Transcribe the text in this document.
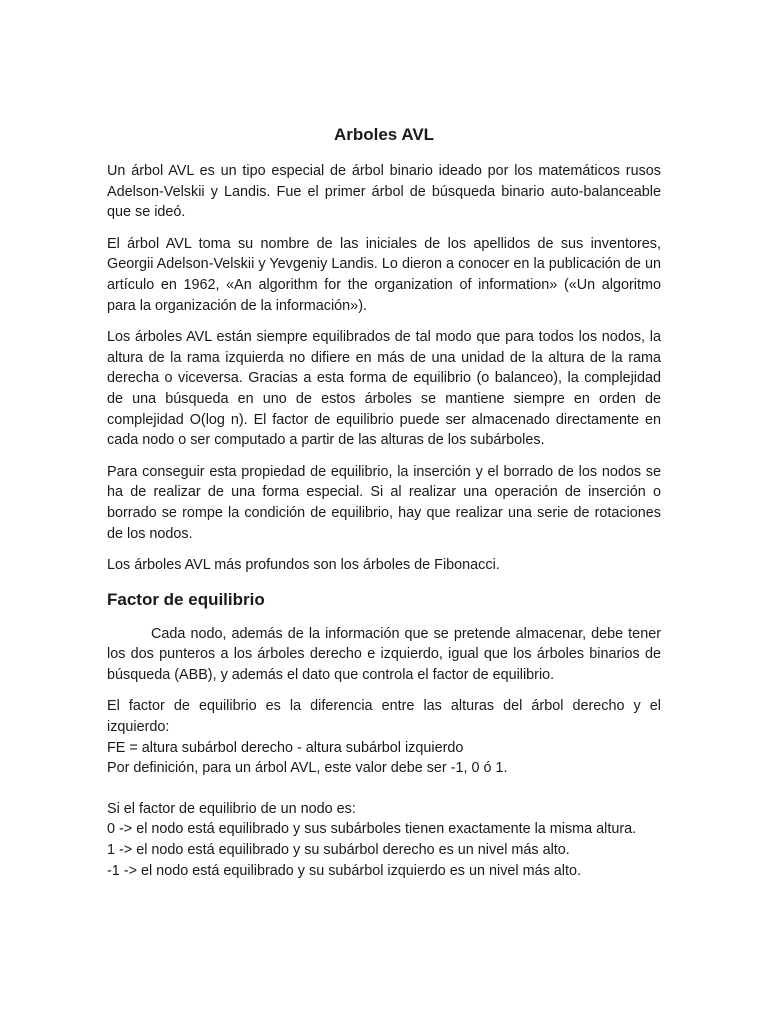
Arboles AVL

Un árbol AVL es un tipo especial de árbol binario ideado por los matemáticos rusos Adelson-Velskii y Landis. Fue el primer árbol de búsqueda binario auto-balanceable que se ideó.

El árbol AVL toma su nombre de las iniciales de los apellidos de sus inventores, Georgii Adelson-Velskii y Yevgeniy Landis. Lo dieron a conocer en la publicación de un artículo en 1962, «An algorithm for the organization of information» («Un algoritmo para la organización de la información»).

Los árboles AVL están siempre equilibrados de tal modo que para todos los nodos, la altura de la rama izquierda no difiere en más de una unidad de la altura de la rama derecha o viceversa. Gracias a esta forma de equilibrio (o balanceo), la complejidad de una búsqueda en uno de estos árboles se mantiene siempre en orden de complejidad O(log n). El factor de equilibrio puede ser almacenado directamente en cada nodo o ser computado a partir de las alturas de los subárboles.

Para conseguir esta propiedad de equilibrio, la inserción y el borrado de los nodos se ha de realizar de una forma especial. Si al realizar una operación de inserción o borrado se rompe la condición de equilibrio, hay que realizar una serie de rotaciones de los nodos.

Los árboles AVL más profundos son los árboles de Fibonacci.

Factor de equilibrio

Cada nodo, además de la información que se pretende almacenar, debe tener los dos punteros a los árboles derecho e izquierdo, igual que los árboles binarios de búsqueda (ABB), y además el dato que controla el factor de equilibrio.

El factor de equilibrio es la diferencia entre las alturas del árbol derecho y el
izquierdo:
FE = altura subárbol derecho - altura subárbol izquierdo
Por definición, para un árbol AVL, este valor debe ser -1, 0 ó 1.
Si el factor de equilibrio de un nodo es:
0 -> el nodo está equilibrado y sus subárboles tienen exactamente la misma altura.
1 -> el nodo está equilibrado y su subárbol derecho es un nivel más alto.
-1 -> el nodo está equilibrado y su subárbol izquierdo es un nivel más alto.
